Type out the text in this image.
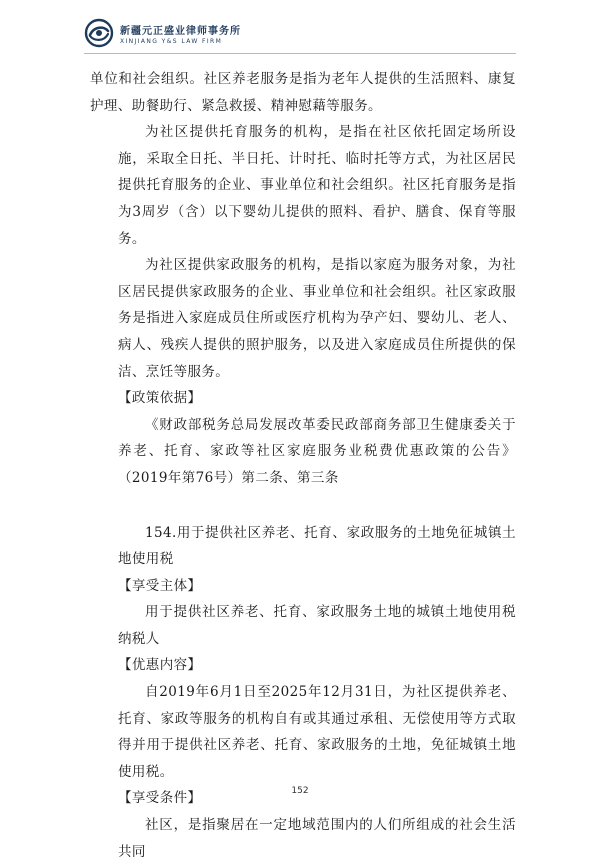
新疆元正盛业律师事务所
XINJIANG Y&S LAW FIRM

单位和社会组织。社区养老服务是指为老年人提供的生活照料、康复护理、助餐助行、紧急救援、精神慰藉等服务。

为社区提供托育服务的机构，是指在社区依托固定场所设施，采取全日托、半日托、计时托、临时托等方式，为社区居民提供托育服务的企业、事业单位和社会组织。社区托育服务是指为3周岁（含）以下婴幼儿提供的照料、看护、膳食、保育等服务。

为社区提供家政服务的机构，是指以家庭为服务对象，为社区居民提供家政服务的企业、事业单位和社会组织。社区家政服务是指进入家庭成员住所或医疗机构为孕产妇、婴幼儿、老人、病人、残疾人提供的照护服务，以及进入家庭成员住所提供的保洁、烹饪等服务。

【政策依据】

《财政部税务总局发展改革委民政部商务部卫生健康委关于养老、托育、家政等社区家庭服务业税费优惠政策的公告》（2019年第76号）第二条、第三条

154.用于提供社区养老、托育、家政服务的土地免征城镇土地使用税

【享受主体】

用于提供社区养老、托育、家政服务土地的城镇土地使用税纳税人

【优惠内容】

自2019年6月1日至2025年12月31日，为社区提供养老、托育、家政等服务的机构自有或其通过承租、无偿使用等方式取得并用于提供社区养老、托育、家政服务的土地，免征城镇土地使用税。

【享受条件】

社区，是指聚居在一定地域范围内的人们所组成的社会生活共同

152
